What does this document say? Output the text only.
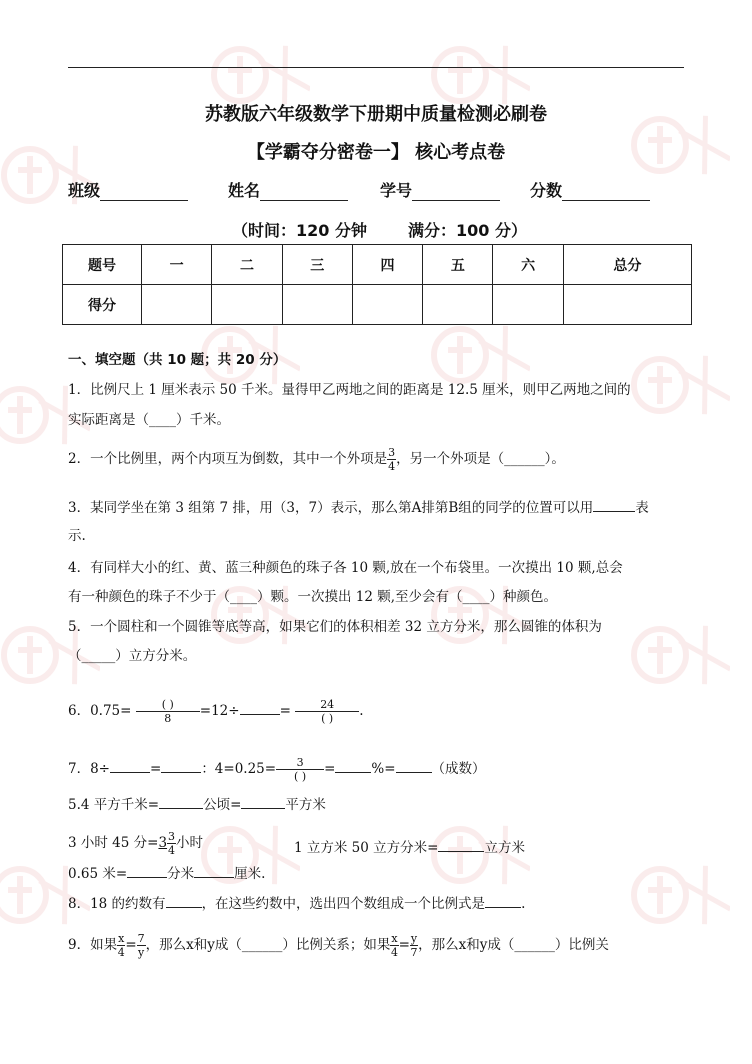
苏教版六年级数学下册期中质量检测必刷卷
【学霸夺分密卷一】 核心考点卷
班级	姓名	学号	分数
（时间：120 分钟	满分：100 分）
题号	一	二	三	四	五	六	总分
得分							
一、填空题（共 10 题；共 20 分）
1．比例尺上 1 厘米表示 50 千米。量得甲乙两地之间的距离是 12.5 厘米，则甲乙两地之间的
实际距离是（____）千米。
2．一个比例里，两个内项互为倒数，其中一个外项是 $\frac{3}{4}$ ，另一个外项是（______）。
3．某同学坐在第 3 组第 7 排，用（3，7）表示，那么第A排第B组的同学的位置可以用	表
示.
4．有同样大小的红、黄、蓝三种颜色的珠子各 10 颗,放在一个布袋里。一次摸出 10 颗,总会
有一种颜色的珠子不少于（____）颗。一次摸出 12 颗,至少会有（____）种颜色。
5．一个圆柱和一个圆锥等底等高，如果它们的体积相差 32 立方分米，那么圆锥的体积为
（_____）立方分米。
6．$0.75= \frac{( )}{8} =12\div$	= $\frac{24}{( )}$ .
7．8÷	=	：$4=0.25= \frac{3}{( )}$ =	%=	（成数）
5.4 平方千米=	公顷=	平方米
3 小时 45 分$=3 \frac{3}{4}$ 小时	1 立方米 50 立方分米=	立方米
0.65 米=	分米	厘米.
8．18 的约数有	，在这些约数中，选出四个数组成一个比例式是	.
9．如果 $\frac{x}{4} = \frac{7}{y}$ ，那么x和y成（______）比例关系；如果 $\frac{x}{4} = \frac{y}{7}$ ，那么x和y成（______）比例关
